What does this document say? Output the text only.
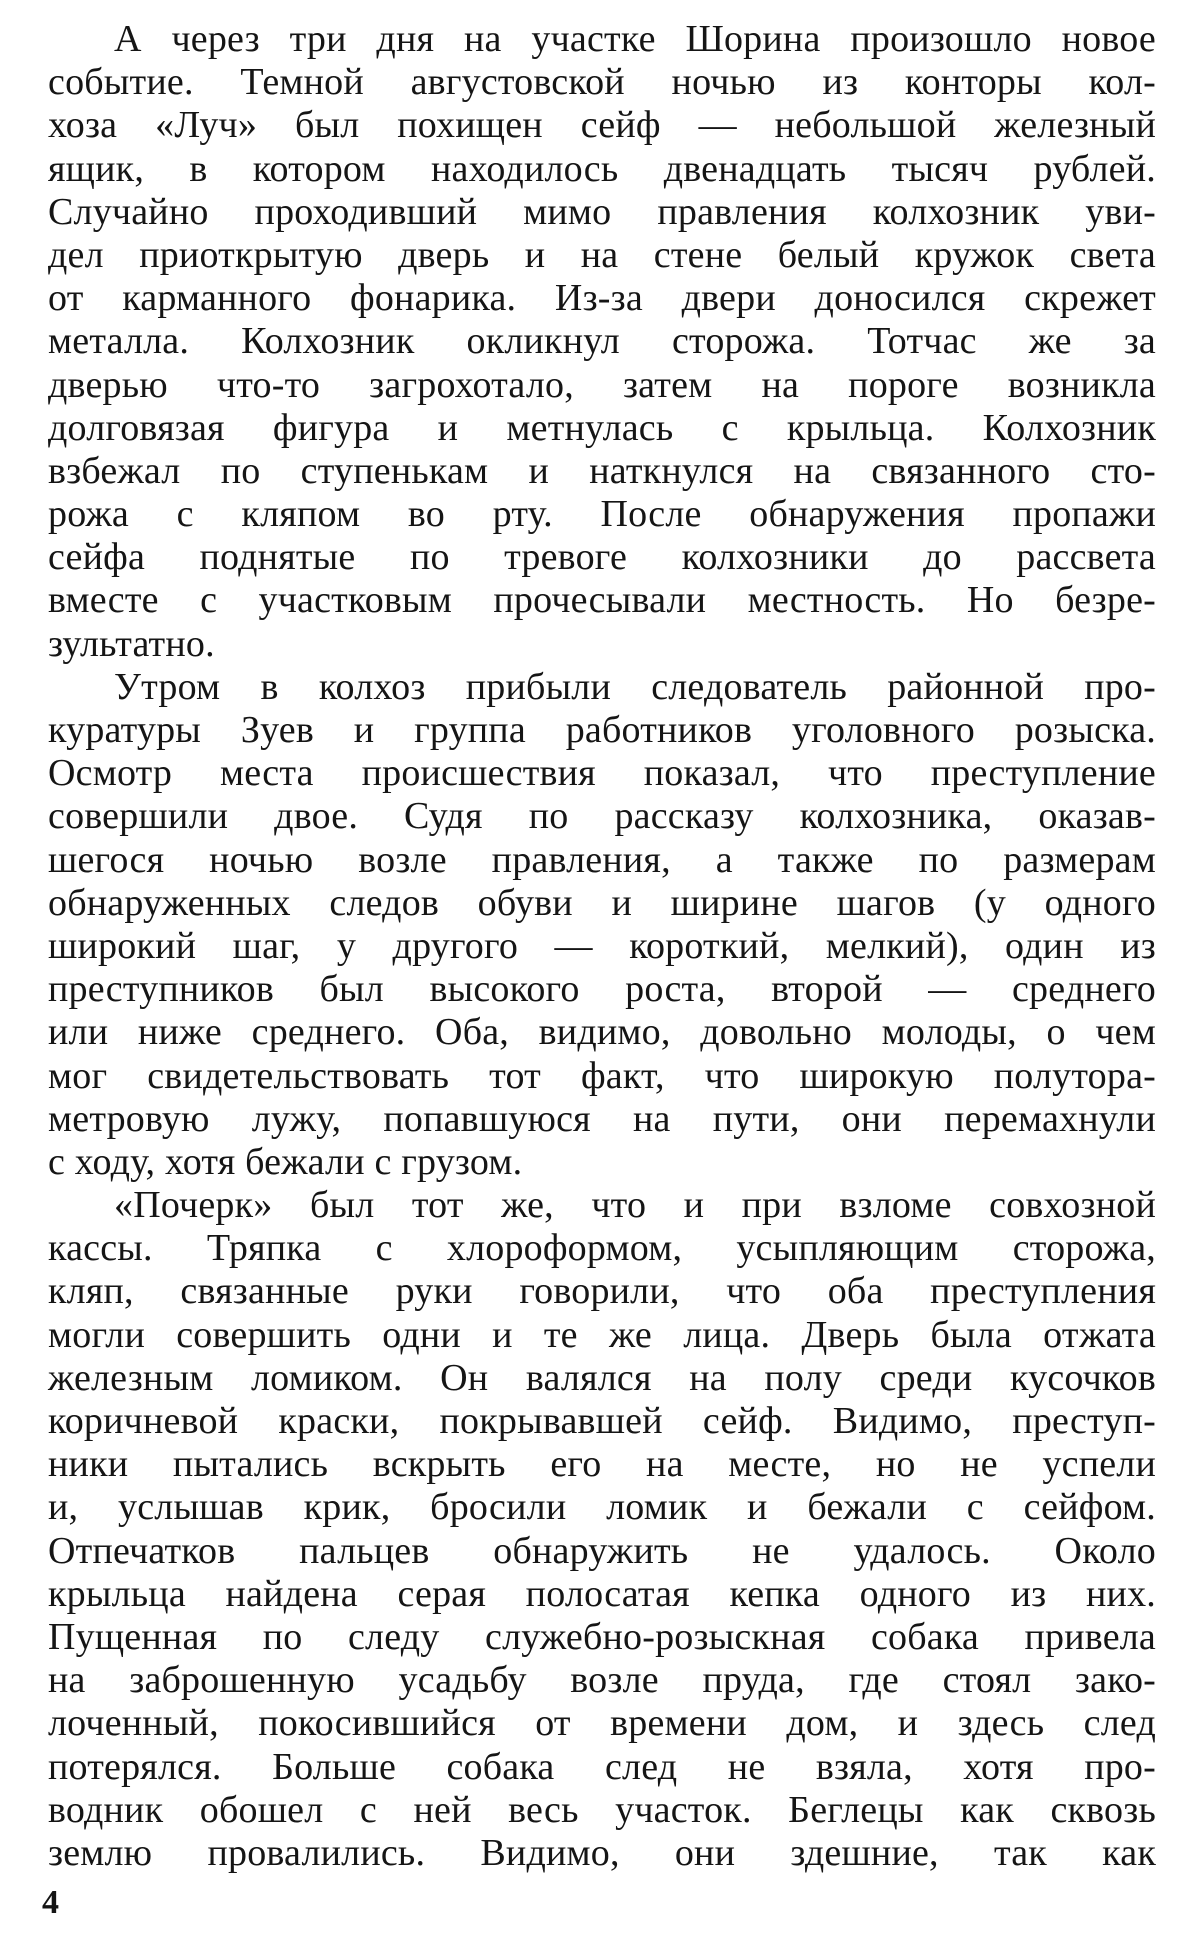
А через три дня на участке Шорина произошло новое
событие. Темной августовской ночью из конторы кол-
хоза «Луч» был похищен сейф — небольшой железный
ящик, в котором находилось двенадцать тысяч рублей.
Случайно проходивший мимо правления колхозник уви-
дел приоткрытую дверь и на стене белый кружок света
от карманного фонарика. Из-за двери доносился скрежет
металла. Колхозник окликнул сторожа. Тотчас же за
дверью что-то загрохотало, затем на пороге возникла
долговязая фигура и метнулась с крыльца. Колхозник
взбежал по ступенькам и наткнулся на связанного сто-
рожа с кляпом во рту. После обнаружения пропажи
сейфа поднятые по тревоге колхозники до рассвета
вместе с участковым прочесывали местность. Но безре-
зультатно.
Утром в колхоз прибыли следователь районной про-
куратуры Зуев и группа работников уголовного розыска.
Осмотр места происшествия показал, что преступление
совершили двое. Судя по рассказу колхозника, оказав-
шегося ночью возле правления, а также по размерам
обнаруженных следов обуви и ширине шагов (у одного
широкий шаг, у другого — короткий, мелкий), один из
преступников был высокого роста, второй — среднего
или ниже среднего. Оба, видимо, довольно молоды, о чем
мог свидетельствовать тот факт, что широкую полутора-
метровую лужу, попавшуюся на пути, они перемахнули
с ходу, хотя бежали с грузом.
«Почерк» был тот же, что и при взломе совхозной
кассы. Тряпка с хлороформом, усыпляющим сторожа,
кляп, связанные руки говорили, что оба преступления
могли совершить одни и те же лица. Дверь была отжата
железным ломиком. Он валялся на полу среди кусочков
коричневой краски, покрывавшей сейф. Видимо, преступ-
ники пытались вскрыть его на месте, но не успели
и, услышав крик, бросили ломик и бежали с сейфом.
Отпечатков пальцев обнаружить не удалось. Около
крыльца найдена серая полосатая кепка одного из них.
Пущенная по следу служебно-розыскная собака привела
на заброшенную усадьбу возле пруда, где стоял зако-
лоченный, покосившийся от времени дом, и здесь след
потерялся. Больше собака след не взяла, хотя про-
водник обошел с ней весь участок. Беглецы как сквозь
землю провалились. Видимо, они здешние, так как
4
